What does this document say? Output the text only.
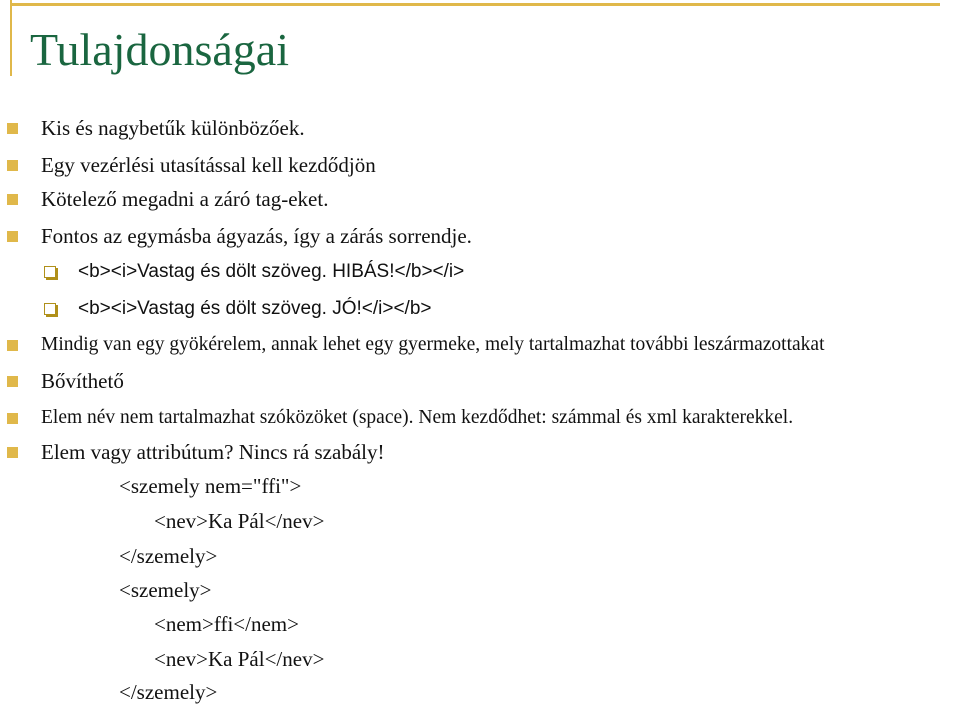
Tulajdonságai
Kis és nagybetűk különbözőek.
Egy vezérlési utasítással kell kezdődjön
Kötelező megadni a záró tag-eket.
Fontos az egymásba ágyazás, így a zárás sorrendje.
<b><i>Vastag és dölt szöveg. HIBÁS!</b></i>
<b><i>Vastag és dölt szöveg. JÓ!</i></b>
Mindig van egy gyökérelem, annak lehet egy gyermeke, mely tartalmazhat további leszármazottakat
Bővíthető
Elem név nem tartalmazhat szóközöket (space). Nem kezdődhet: számmal és xml karakterekkel.
Elem vagy attribútum? Nincs rá szabály!
<szemely nem="ffi">
<nev>Ka Pál</nev>
</szemely>
<szemely>
<nem>ffi</nem>
<nev>Ka Pál</nev>
</szemely>
